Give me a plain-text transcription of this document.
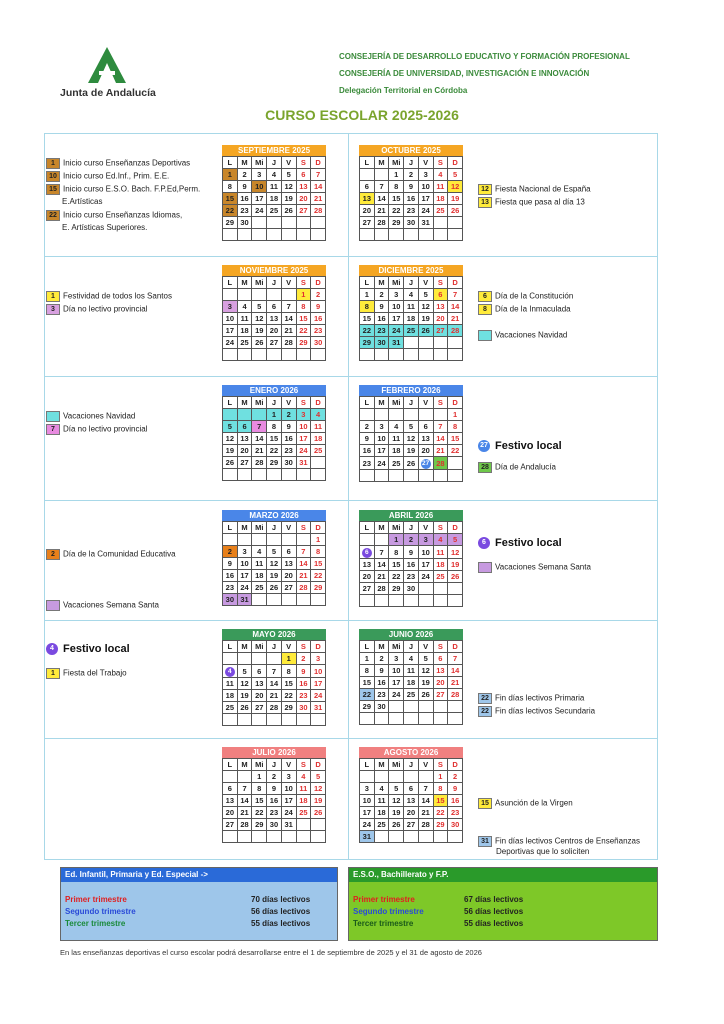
Junta de Andalucía
CONSEJERÍA DE DESARROLLO EDUCATIVO Y FORMACIÓN PROFESIONAL
CONSEJERÍA DE UNIVERSIDAD, INVESTIGACIÓN E INNOVACIÓN
Delegación Territorial en Córdoba
CURSO ESCOLAR 2025-2026
SEPTIEMBRE 2025
L	M	Mi	J	V	S	D
1	2	3	4	5	6	7
8	9	10	11	12	13	14
15	16	17	18	19	20	21
22	23	24	25	26	27	28
29	30					

OCTUBRE 2025
L	M	Mi	J	V	S	D
		1	2	3	4	5
6	7	8	9	10	11	12
13	14	15	16	17	18	19
20	21	22	23	24	25	26
27	28	29	30	31		

NOVIEMBRE 2025
L	M	Mi	J	V	S	D
					1	2
3	4	5	6	7	8	9
10	11	12	13	14	15	16
17	18	19	20	21	22	23
24	25	26	27	28	29	30

DICIEMBRE 2025
L	M	Mi	J	V	S	D
1	2	3	4	5	6	7
8	9	10	11	12	13	14
15	16	17	18	19	20	21
22	23	24	25	26	27	28
29	30	31				

ENERO 2026
L	M	Mi	J	V	S	D
			1	2	3	4
5	6	7	8	9	10	11
12	13	14	15	16	17	18
19	20	21	22	23	24	25
26	27	28	29	30	31	

FEBRERO 2026
L	M	Mi	J	V	S	D
						1
2	3	4	5	6	7	8
9	10	11	12	13	14	15
16	17	18	19	20	21	22
23	24	25	26	27	28	

MARZO 2026
L	M	Mi	J	V	S	D
						1
2	3	4	5	6	7	8
9	10	11	12	13	14	15
16	17	18	19	20	21	22
23	24	25	26	27	28	29
30	31					
ABRIL 2026
L	M	Mi	J	V	S	D
		1	2	3	4	5
6	7	8	9	10	11	12
13	14	15	16	17	18	19
20	21	22	23	24	25	26
27	28	29	30			

MAYO 2026
L	M	Mi	J	V	S	D
				1	2	3
4	5	6	7	8	9	10
11	12	13	14	15	16	17
18	19	20	21	22	23	24
25	26	27	28	29	30	31

JUNIO 2026
L	M	Mi	J	V	S	D
1	2	3	4	5	6	7
8	9	10	11	12	13	14
15	16	17	18	19	20	21
22	23	24	25	26	27	28
29	30					

JULIO 2026
L	M	Mi	J	V	S	D
		1	2	3	4	5
6	7	8	9	10	11	12
13	14	15	16	17	18	19
20	21	22	23	24	25	26
27	28	29	30	31		

AGOSTO 2026
L	M	Mi	J	V	S	D
					1	2
3	4	5	6	7	8	9
10	11	12	13	14	15	16
17	18	19	20	21	22	23
24	25	26	27	28	29	30
31						
1 Inicio curso Enseñanzas Deportivas
10 Inicio curso Ed.Inf., Prim. E.E.
15 Inicio curso E.S.O. Bach. F.P.Ed,Perm.
E.Artísticas
22 Inicio curso Enseñanzas Idiomas,
E. Artísticas Superiores.
12 Fiesta Nacional de España
13 Fiesta que pasa al día 13
1 Festividad de todos los Santos
3 Día no lectivo provincial
6 Día de la Constitución
8 Día de la Inmaculada
Vacaciones Navidad
Vacaciones Navidad
7 Día no lectivo provincial
27 Festivo local
28 Día de Andalucía
2 Día de la Comunidad Educativa
Vacaciones Semana Santa
6 Festivo local
Vacaciones Semana Santa
4 Festivo local
1 Fiesta del Trabajo
22 Fin días lectivos Primaria
22 Fin días lectivos Secundaria
15 Asunción de la Virgen
31 Fin días lectivos Centros de Enseñanzas
Deportivas que lo soliciten
Ed. Infantil, Primaria y Ed. Especial ->
Primer trimestre	70 días lectivos
Segundo trimestre	56 días lectivos
Tercer trimestre	55 días lectivos
E.S.O., Bachillerato y F.P.
Primer trimestre	67 días lectivos
Segundo trimestre	56 días lectivos
Tercer trimestre	55 días lectivos
En las enseñanzas deportivas el curso escolar podrá desarrollarse entre el 1 de septiembre de 2025 y el 31 de agosto de 2026
